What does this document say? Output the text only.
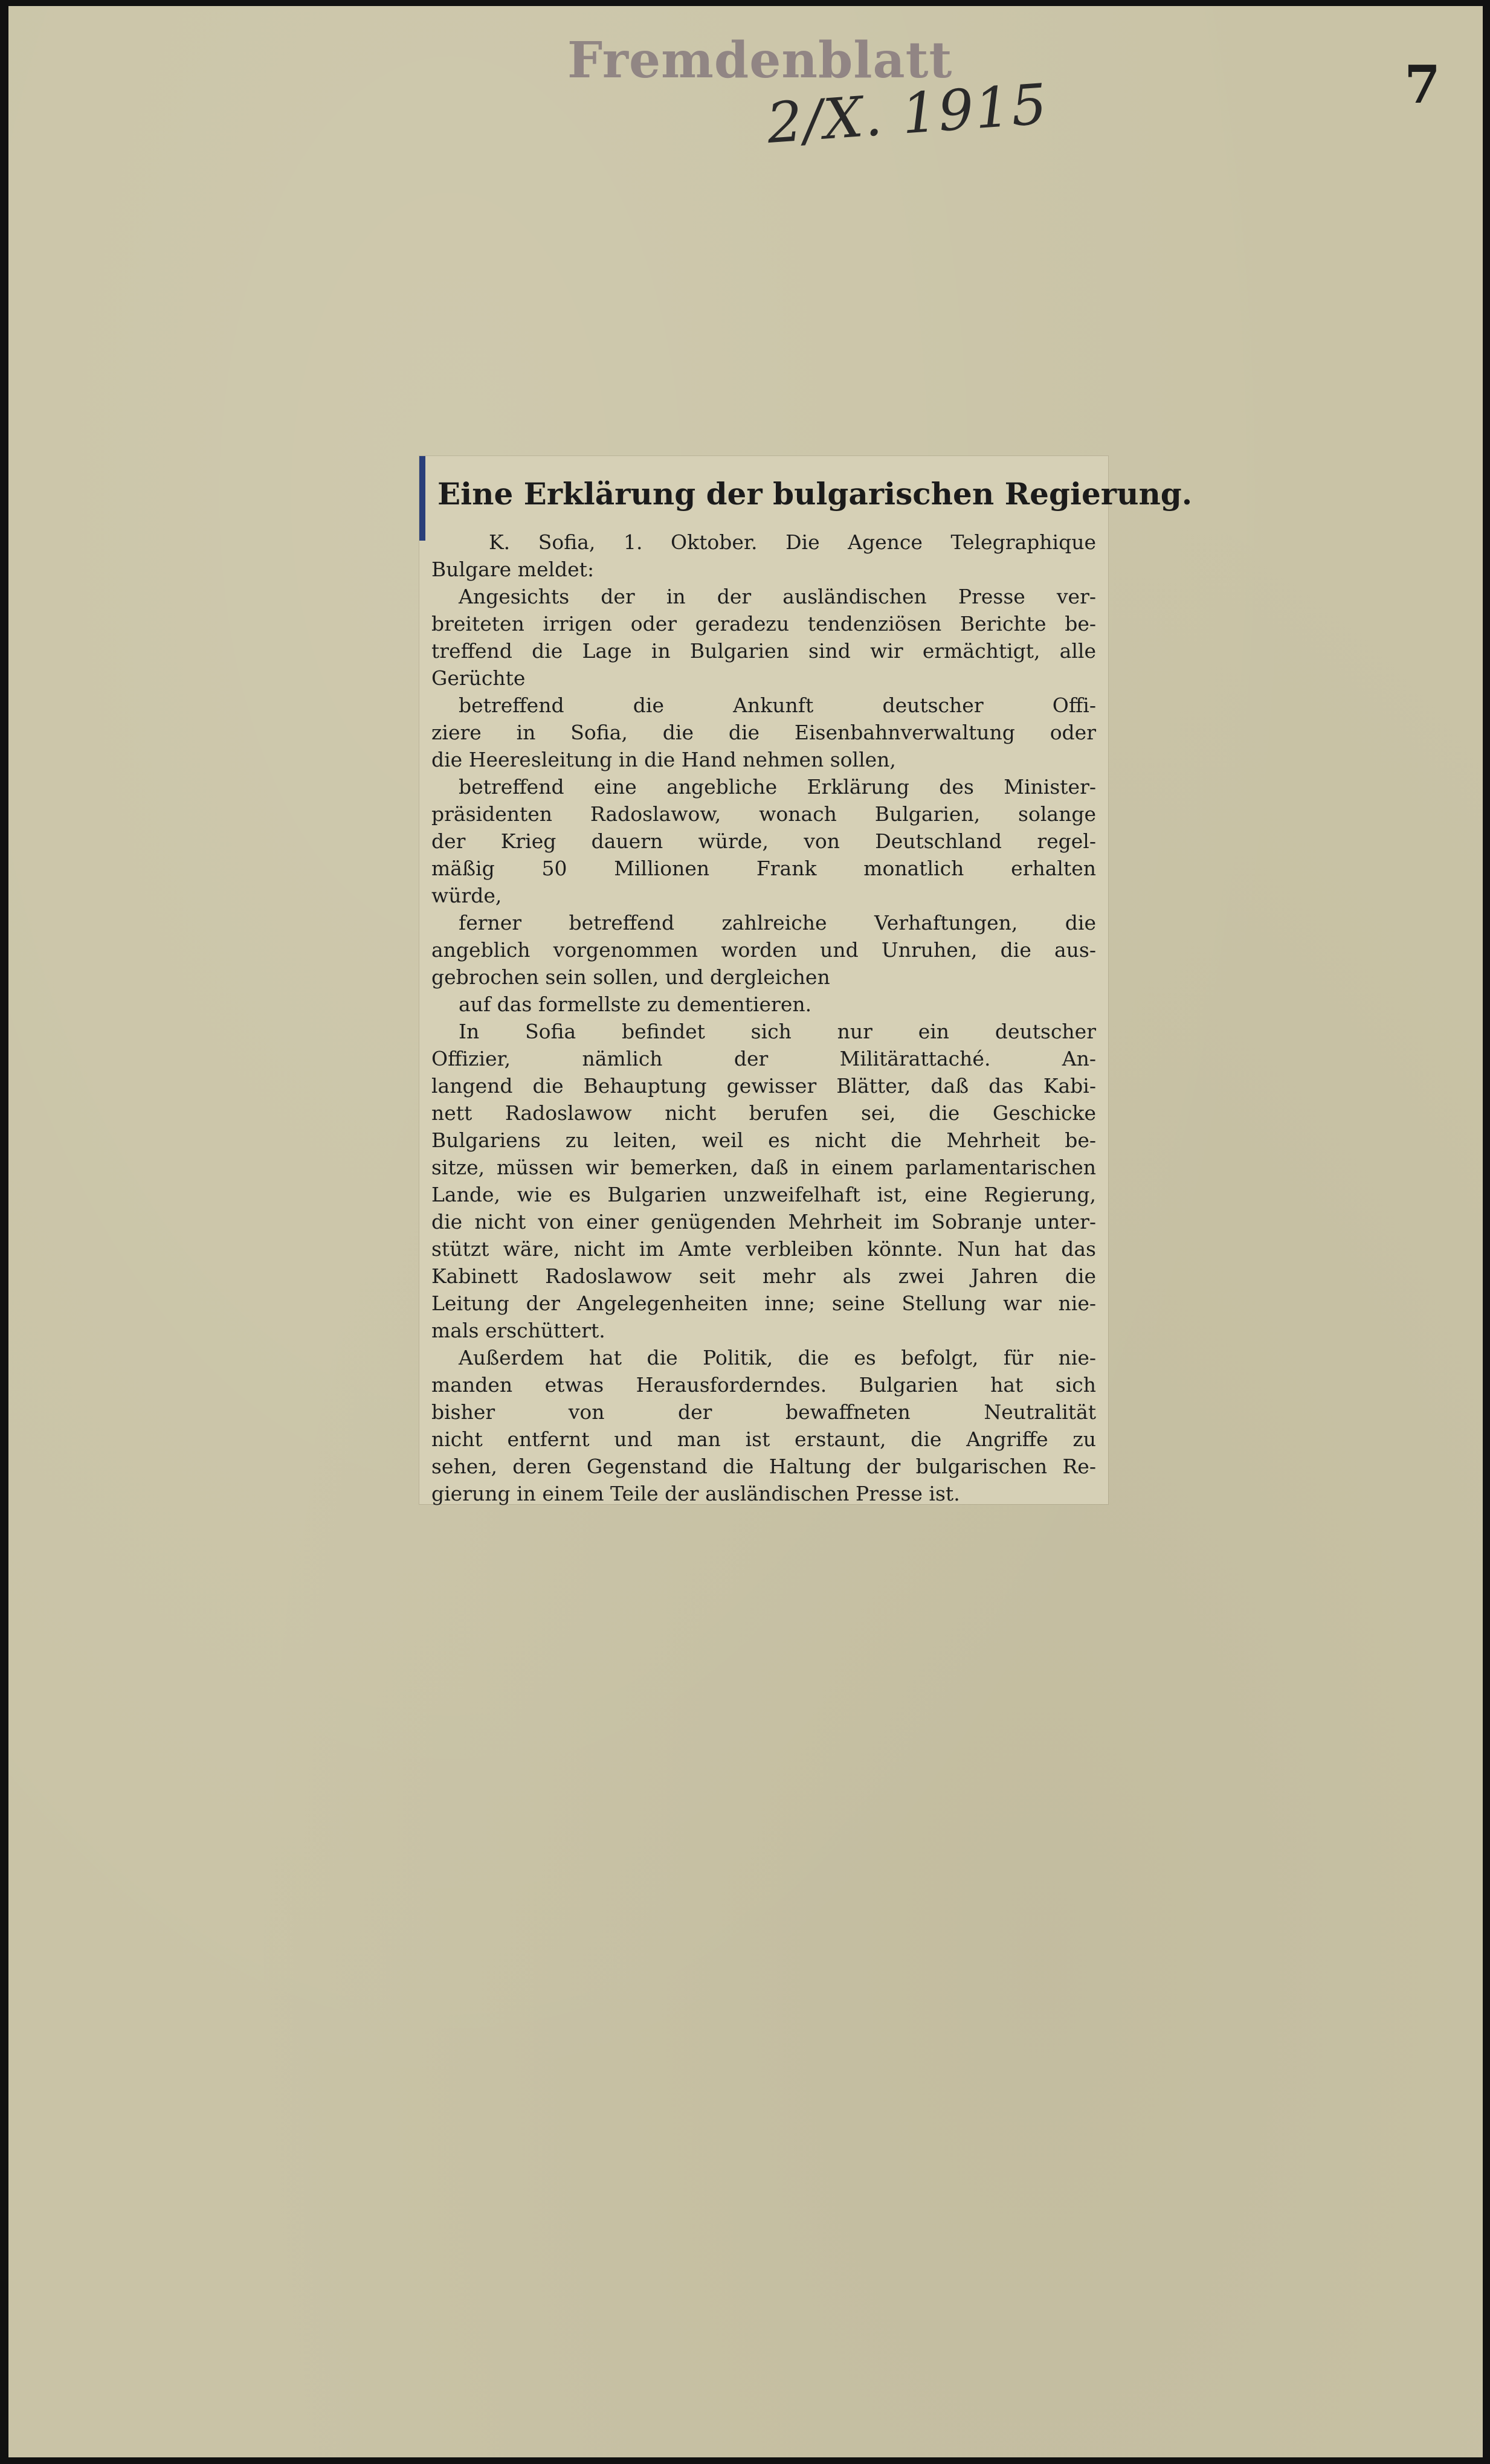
Fremdenblatt
2/X. 1915	7
Eine Erklärung der bulgarischen Regierung.
K. Sofia, 1. Oktober. Die Agence Telegraphique
Bulgare meldet:
Angesichts der in der ausländischen Presse ver-
breiteten irrigen oder geradezu tendenziösen Berichte be-
treffend die Lage in Bulgarien sind wir ermächtigt, alle
Gerüchte
betreffend die Ankunft deutscher Offi-
ziere in Sofia, die die Eisenbahnverwaltung oder
die Heeresleitung in die Hand nehmen sollen,
betreffend eine angebliche Erklärung des Minister-
präsidenten Radoslawow, wonach Bulgarien, solange
der Krieg dauern würde, von Deutschland regel-
mäßig 50 Millionen Frank monatlich erhalten
würde,
ferner betreffend zahlreiche Verhaftungen, die
angeblich vorgenommen worden und Unruhen, die aus-
gebrochen sein sollen, und dergleichen
auf das formellste zu dementieren.
In Sofia befindet sich nur ein deutscher
Offizier, nämlich der Militärattaché. An-
langend die Behauptung gewisser Blätter, daß das Kabi-
nett Radoslawow nicht berufen sei, die Geschicke
Bulgariens zu leiten, weil es nicht die Mehrheit be-
sitze, müssen wir bemerken, daß in einem parlamentarischen
Lande, wie es Bulgarien unzweifelhaft ist, eine Regierung,
die nicht von einer genügenden Mehrheit im Sobranje unter-
stützt wäre, nicht im Amte verbleiben könnte. Nun hat das
Kabinett Radoslawow seit mehr als zwei Jahren die
Leitung der Angelegenheiten inne; seine Stellung war nie-
mals erschüttert.
Außerdem hat die Politik, die es befolgt, für nie-
manden etwas Herausforderndes. Bulgarien hat sich
bisher von der bewaffneten Neutralität
nicht entfernt und man ist erstaunt, die Angriffe zu
sehen, deren Gegenstand die Haltung der bulgarischen Re-
gierung in einem Teile der ausländischen Presse ist.
